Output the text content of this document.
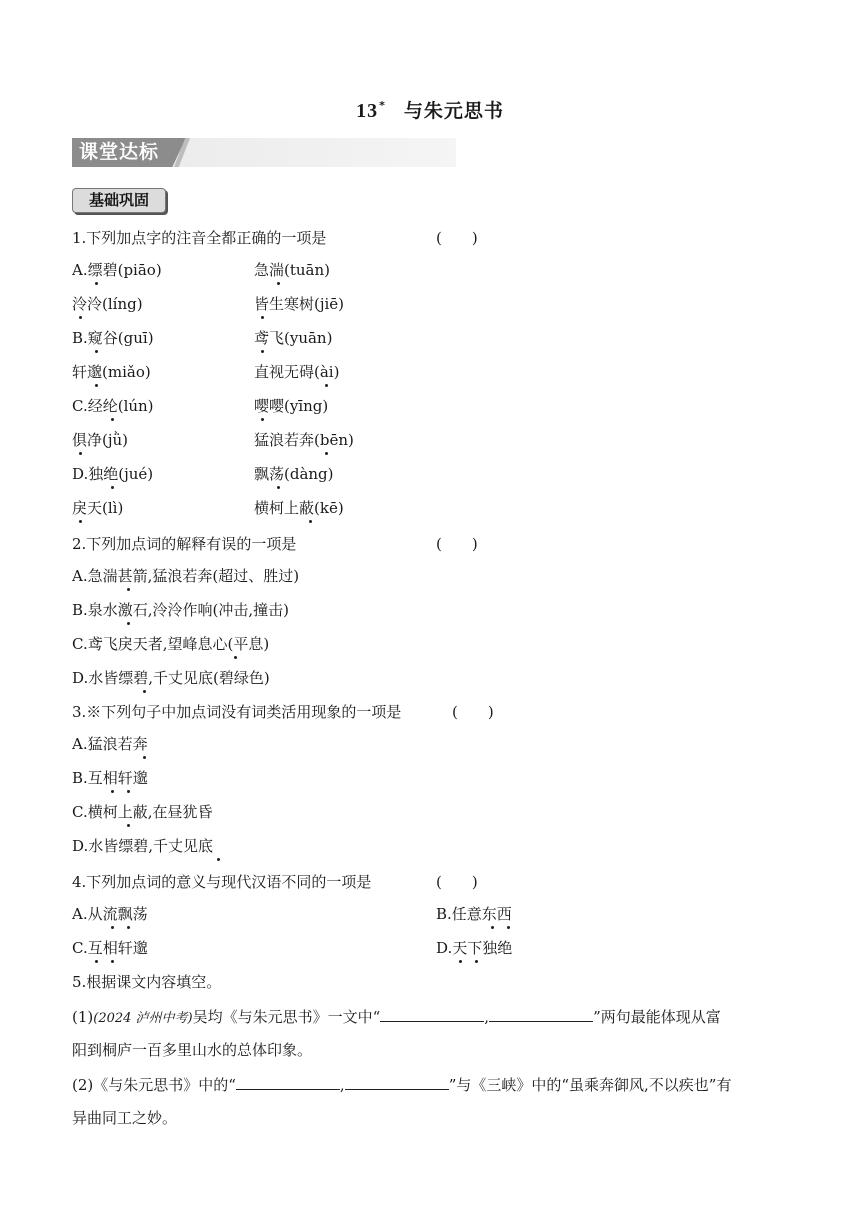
13* 与朱元思书
课堂达标
基础巩固
1.下列加点字的注音全都正确的一项是	(　　)
A.缥碧(piāo)	急湍(tuān)
泠泠(líng)	皆生寒树(jiē)
B.窥谷(guī)	鸢飞(yuān)
轩邈(miǎo)	直视无碍(ài)
C.经纶(lún)	嘤嘤(yīng)
俱净(jǜ)	猛浪若奔(bēn)
D.独绝(jué)	飘荡(dàng)
戾天(lì)	横柯上蔽(kē)
2.下列加点词的解释有误的一项是	(　　)
A.急湍甚箭,猛浪若奔(超过、胜过)
B.泉水激石,泠泠作响(冲击,撞击)
C.鸢飞戾天者,望峰息心(平息)
D.水皆缥碧,千丈见底(碧绿色)
3.※下列句子中加点词没有词类活用现象的一项是	(　　)
A.猛浪若奔
B.互相轩邈
C.横柯上蔽,在昼犹昏
D.水皆缥碧,千丈见底
4.下列加点词的意义与现代汉语不同的一项是	(　　)
A.从流飘荡	B.任意东西
C.互相轩邈	D.天下独绝
5.根据课文内容填空。
(1)(2024 泸州中考)吴均《与朱元思书》一文中“	,	”两句最能体现从富
阳到桐庐一百多里山水的总体印象。
(2)《与朱元思书》中的“	,	”与《三峡》中的“虽乘奔御风,不以疾也”有
异曲同工之妙。
